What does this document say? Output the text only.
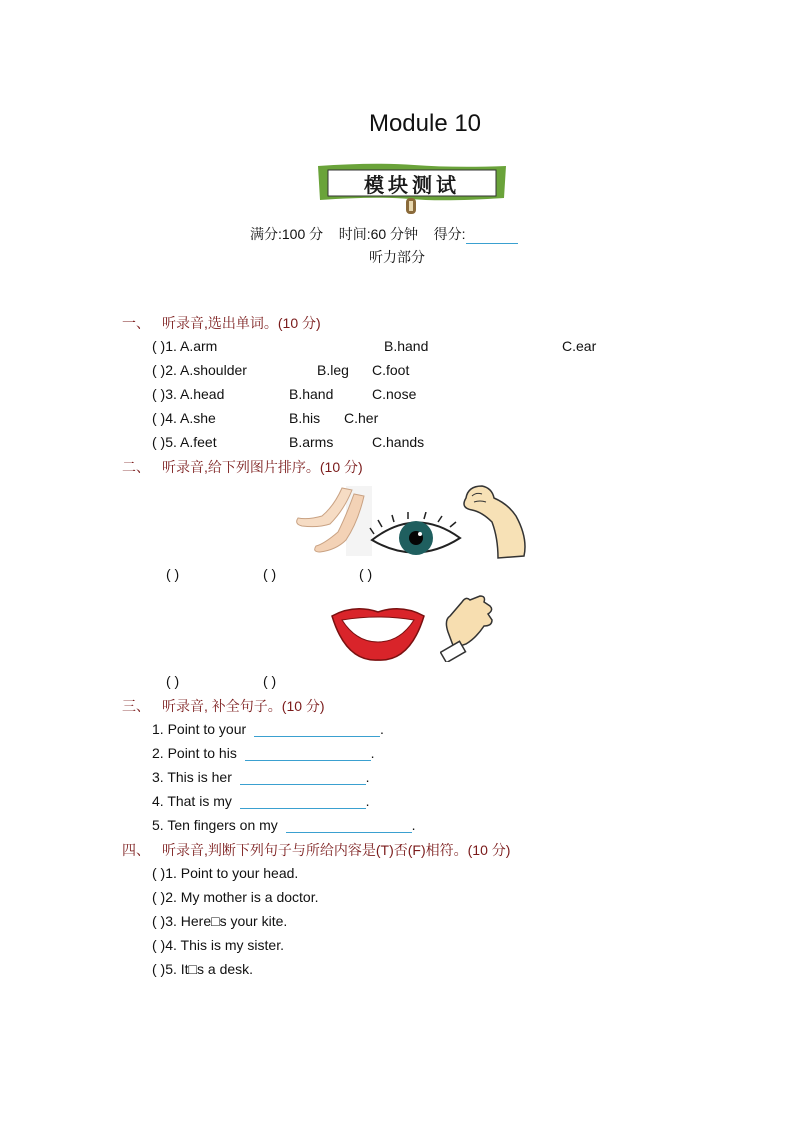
Module 10
模块测试
满分:100 分 时间:60 分钟 得分:
听力部分
一、 听录音,选出单词。(10 分)
( )1. A.arm	B.hand	C.ear
( )2. A.shoulder	B.leg C.foot
( )3. A.head	B.hand	C.nose
( )4. A.she	B.his C.her
( )5. A.feet	B.arms	C.hands
二、 听录音,给下列图片排序。(10 分)
( )	( )	( )
( )	( )
三、 听录音, 补全句子。(10 分)
1. Point to your	.
2. Point to his	.
3. This is her	.
4. That is my	.
5. Ten fingers on my	.
四、 听录音,判断下列句子与所给内容是(T)否(F)相符。(10 分)
( )1. Point to your head.
( )2. My mother is a doctor.
( )3. Here□s your kite.
( )4. This is my sister.
( )5. It□s a desk.
